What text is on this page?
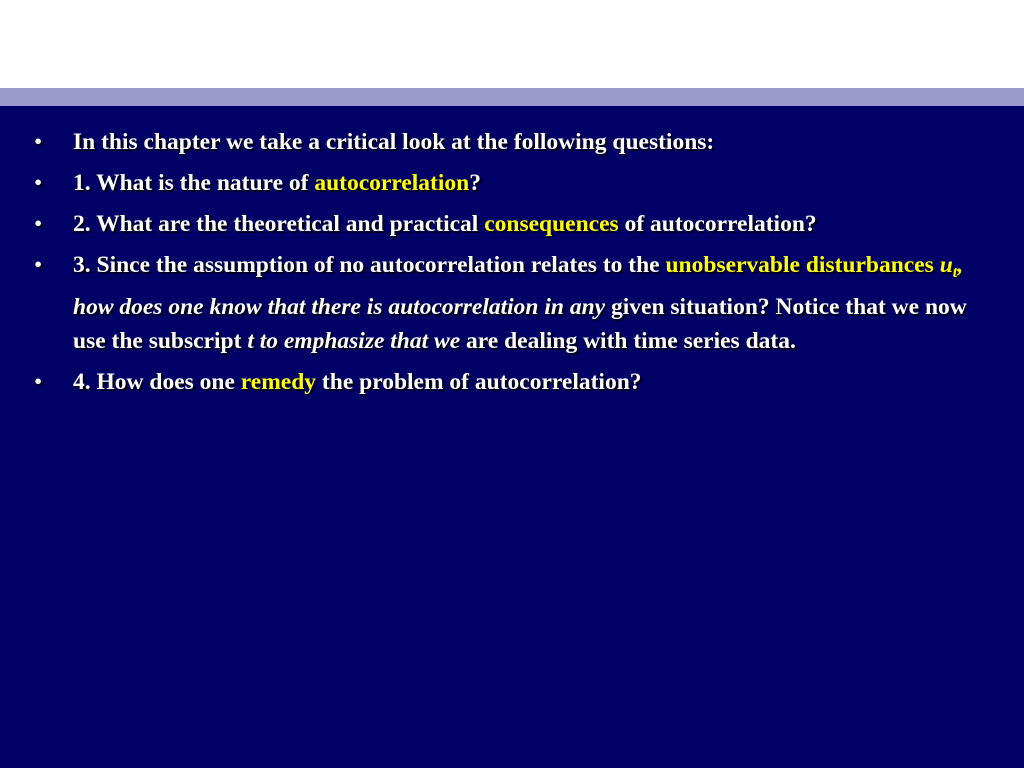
• In this chapter we take a critical look at the following questions:
• 1. What is the nature of autocorrelation?
• 2. What are the theoretical and practical consequences of autocorrelation?
• 3. Since the assumption of no autocorrelation relates to the unobservable disturbances $u_t$, how does one know that there is autocorrelation in any given situation? Notice that we now use the subscript t to emphasize that we are dealing with time series data.
• 4. How does one remedy the problem of autocorrelation?
